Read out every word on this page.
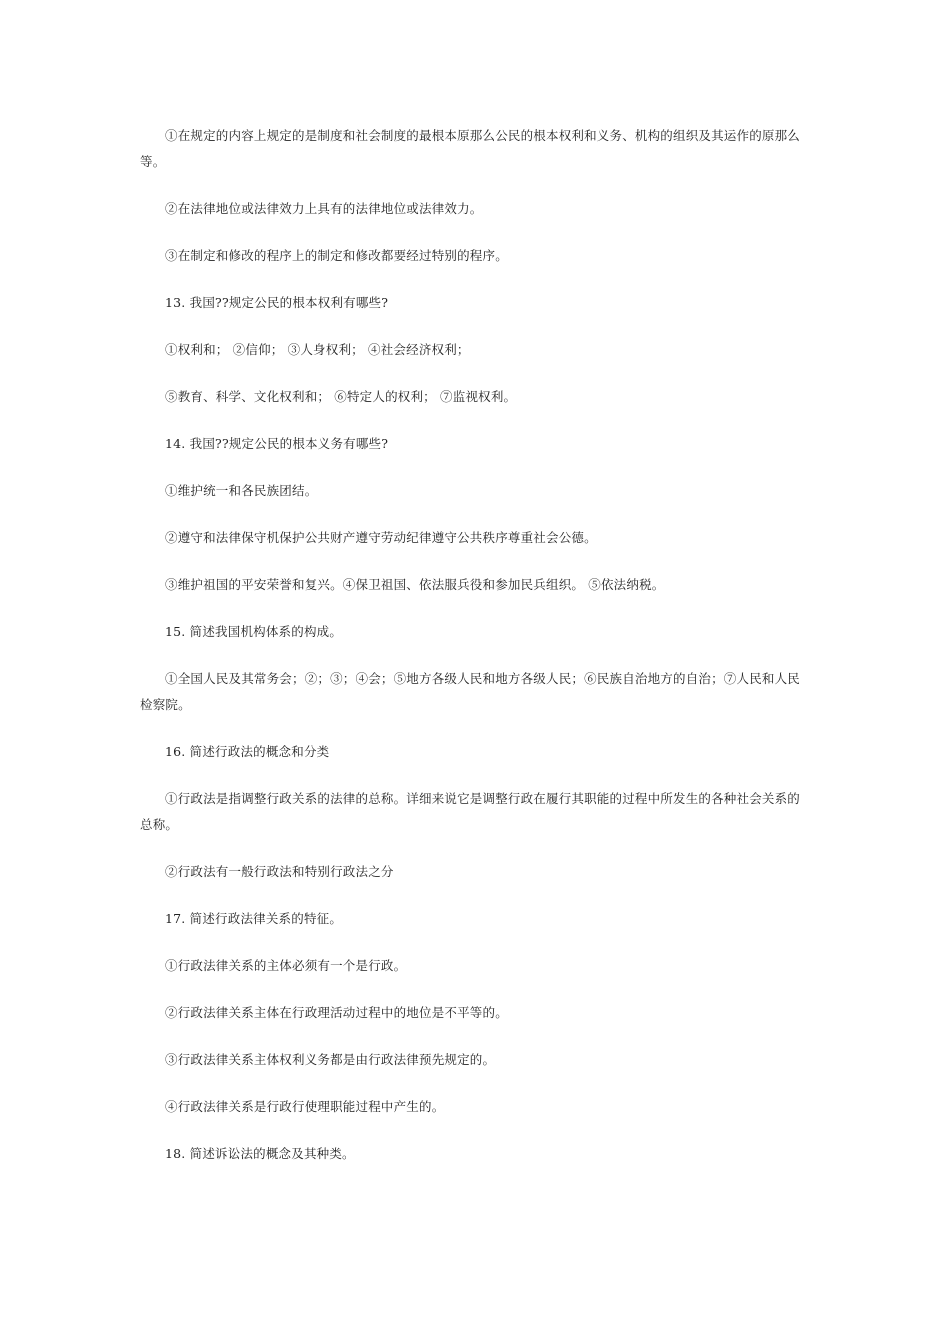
①在规定的内容上规定的是制度和社会制度的最根本原那么公民的根本权利和义务、机构的组织及其运作的原那么等。

②在法律地位或法律效力上具有的法律地位或法律效力。

③在制定和修改的程序上的制定和修改都要经过特别的程序。

13. 我国??规定公民的根本权利有哪些?

①权利和； ②信仰； ③人身权利； ④社会经济权利；

⑤教育、科学、文化权利和； ⑥特定人的权利； ⑦监视权利。

14. 我国??规定公民的根本义务有哪些?

①维护统一和各民族团结。

②遵守和法律保守机保护公共财产遵守劳动纪律遵守公共秩序尊重社会公德。

③维护祖国的平安荣誉和复兴。④保卫祖国、依法服兵役和参加民兵组织。 ⑤依法纳税。

15. 简述我国机构体系的构成。

①全国人民及其常务会；②；③；④会；⑤地方各级人民和地方各级人民；⑥民族自治地方的自治；⑦人民和人民检察院。

16. 简述行政法的概念和分类

①行政法是指调整行政关系的法律的总称。详细来说它是调整行政在履行其职能的过程中所发生的各种社会关系的总称。

②行政法有一般行政法和特别行政法之分

17. 简述行政法律关系的特征。

①行政法律关系的主体必须有一个是行政。

②行政法律关系主体在行政理活动过程中的地位是不平等的。

③行政法律关系主体权利义务都是由行政法律预先规定的。

④行政法律关系是行政行使理职能过程中产生的。

18. 简述诉讼法的概念及其种类。
